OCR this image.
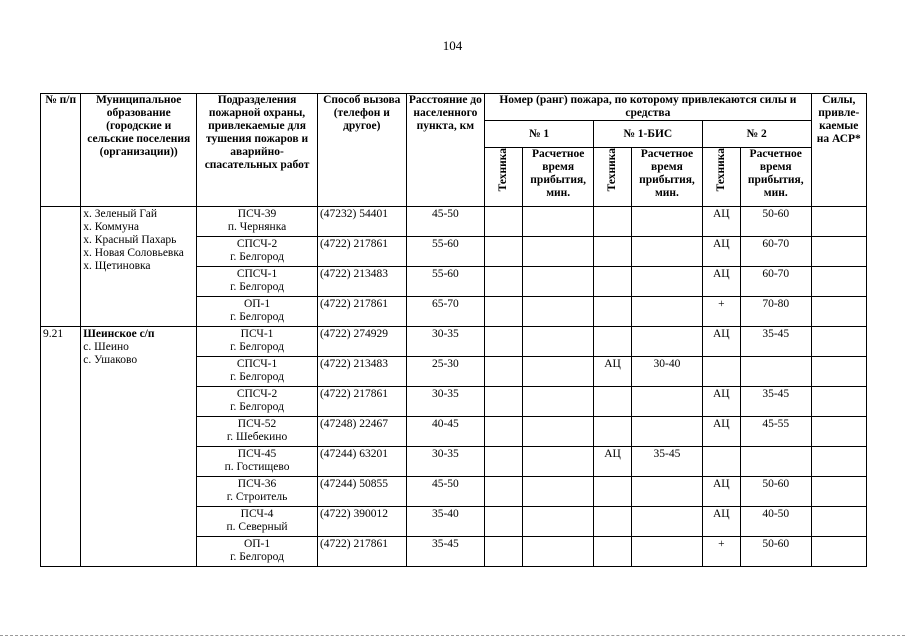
104
№ п/п	Муниципальное образование (городские и сельские поселения (организации))	Подразделения пожарной охраны, привлекаемые для тушения пожаров и аварийно-спасательных работ	Способ вызова (телефон и другое)	Расстояние до населенного пункта, км	Номер (ранг) пожара, по которому привлекаются силы и средства						Силы, привле-каемые на АСР*
					№ 1		№ 1-БИС		№ 2		
					Техника	Расчетное время прибытия, мин.	Техника	Расчетное время прибытия, мин.	Техника	Расчетное время прибытия, мин.	

	х. Зеленый Гай
х. Коммуна
х. Красный Пахарь
х. Новая Соловьевка
х. Щетиновка	ПСЧ-39
п. Чернянка	(47232) 54401	45-50					АЦ	50-60	

		СПСЧ-2
г. Белгород	(4722) 217861	55-60					АЦ	60-70	

		СПСЧ-1
г. Белгород	(4722) 213483	55-60					АЦ	60-70	

		ОП-1
г. Белгород	(4722) 217861	65-70					+	70-80	
9.21	Шеинское с/п
с. Шеино
с. Ушаково	ПСЧ-1
г. Белгород	(4722) 274929	30-35					АЦ	35-45	

		СПСЧ-1
г. Белгород	(4722) 213483	25-30			АЦ	30-40			

		СПСЧ-2
г. Белгород	(4722) 217861	30-35					АЦ	35-45	

		ПСЧ-52
г. Шебекино	(47248) 22467	40-45					АЦ	45-55	

		ПСЧ-45
п. Гостищево	(47244) 63201	30-35			АЦ	35-45			

		ПСЧ-36
г. Строитель	(47244) 50855	45-50					АЦ	50-60	

		ПСЧ-4
п. Северный	(4722) 390012	35-40					АЦ	40-50	

		ОП-1
г. Белгород	(4722) 217861	35-45					+	50-60	
